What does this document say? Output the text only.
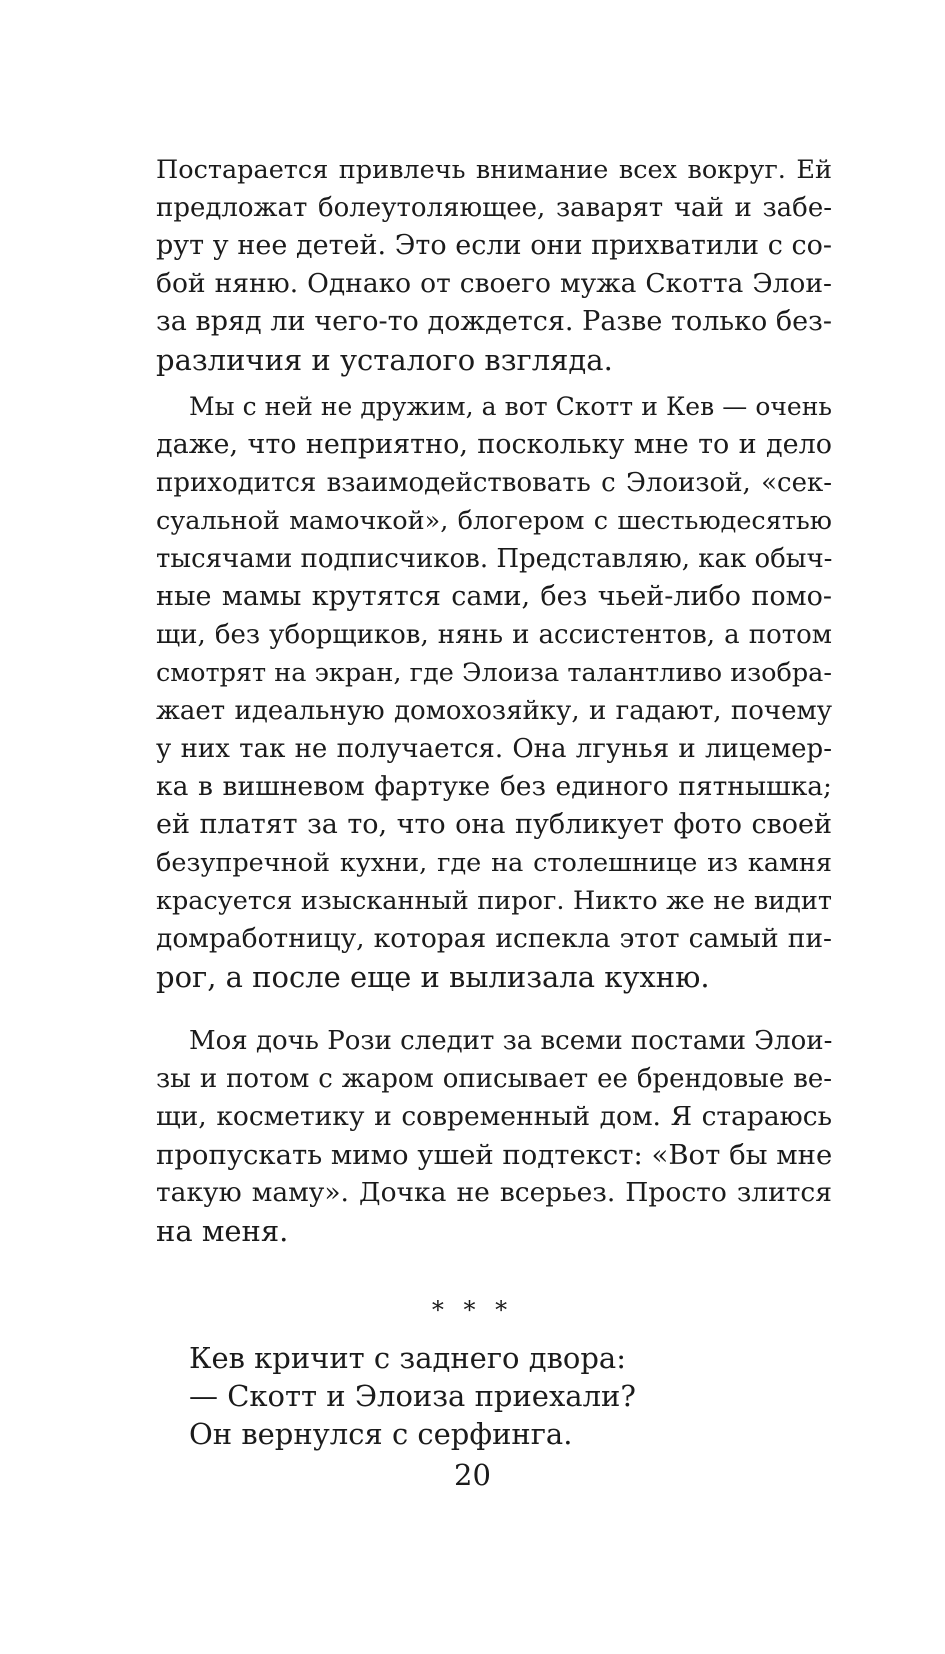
Постарается привлечь внимание всех вокруг. Ей
предложат болеутоляющее, заварят чай и забе-
рут у нее детей. Это если они прихватили с со-
бой няню. Однако от своего мужа Скотта Элои-
за вряд ли чего-то дождется. Разве только без-
различия и усталого взгляда.
Мы с ней не дружим, а вот Скотт и Кев — очень
даже, что неприятно, поскольку мне то и дело
приходится взаимодействовать с Элоизой, «сек-
суальной мамочкой», блогером с шестьюдесятью
тысячами подписчиков. Представляю, как обыч-
ные мамы крутятся сами, без чьей-либо помо-
щи, без уборщиков, нянь и ассистентов, а потом
смотрят на экран, где Элоиза талантливо изобра-
жает идеальную домохозяйку, и гадают, почему
у них так не получается. Она лгунья и лицемер-
ка в вишневом фартуке без единого пятнышка;
ей платят за то, что она публикует фото своей
безупречной кухни, где на столешнице из камня
красуется изысканный пирог. Никто же не видит
домработницу, которая испекла этот самый пи-
рог, а после еще и вылизала кухню.
Моя дочь Рози следит за всеми постами Элои-
зы и потом с жаром описывает ее брендовые ве-
щи, косметику и современный дом. Я стараюсь
пропускать мимо ушей подтекст: «Вот бы мне
такую маму». Дочка не всерьез. Просто злится
на меня.
* * *
Кев кричит с заднего двора:
— Скотт и Элоиза приехали?
Он вернулся с серфинга.
20
